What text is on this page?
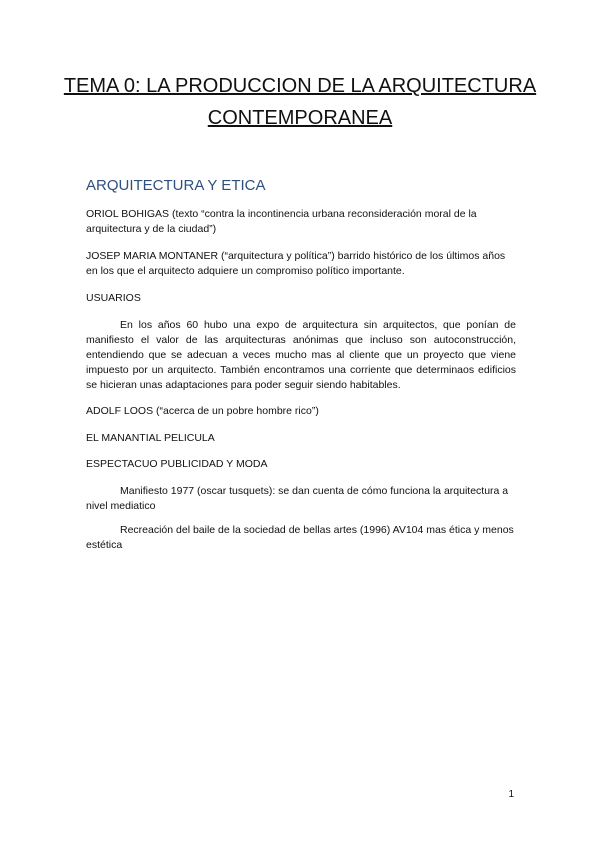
TEMA 0: LA PRODUCCION DE LA ARQUITECTURA CONTEMPORANEA
ARQUITECTURA Y ETICA

ORIOL BOHIGAS (texto “contra la incontinencia urbana reconsideración moral de la arquitectura y de la ciudad”)

JOSEP MARIA MONTANER (“arquitectura y política”) barrido histórico de los últimos años en los que el arquitecto adquiere un compromiso político importante.

USUARIOS

En los años 60 hubo una expo de arquitectura sin arquitectos, que ponían de manifiesto el valor de las arquitecturas anónimas que incluso son autoconstrucción, entendiendo que se adecuan a veces mucho mas al cliente que un proyecto que viene impuesto por un arquitecto. También encontramos una corriente que determinaos edificios se hicieran unas adaptaciones para poder seguir siendo habitables.

ADOLF LOOS (“acerca de un pobre hombre rico”)

EL MANANTIAL PELICULA

ESPECTACUO PUBLICIDAD Y MODA

Manifiesto 1977 (oscar tusquets): se dan cuenta de cómo funciona la arquitectura a nivel mediatico

Recreación del baile de la sociedad de bellas artes (1996) AV104 mas ética y menos estética

1
